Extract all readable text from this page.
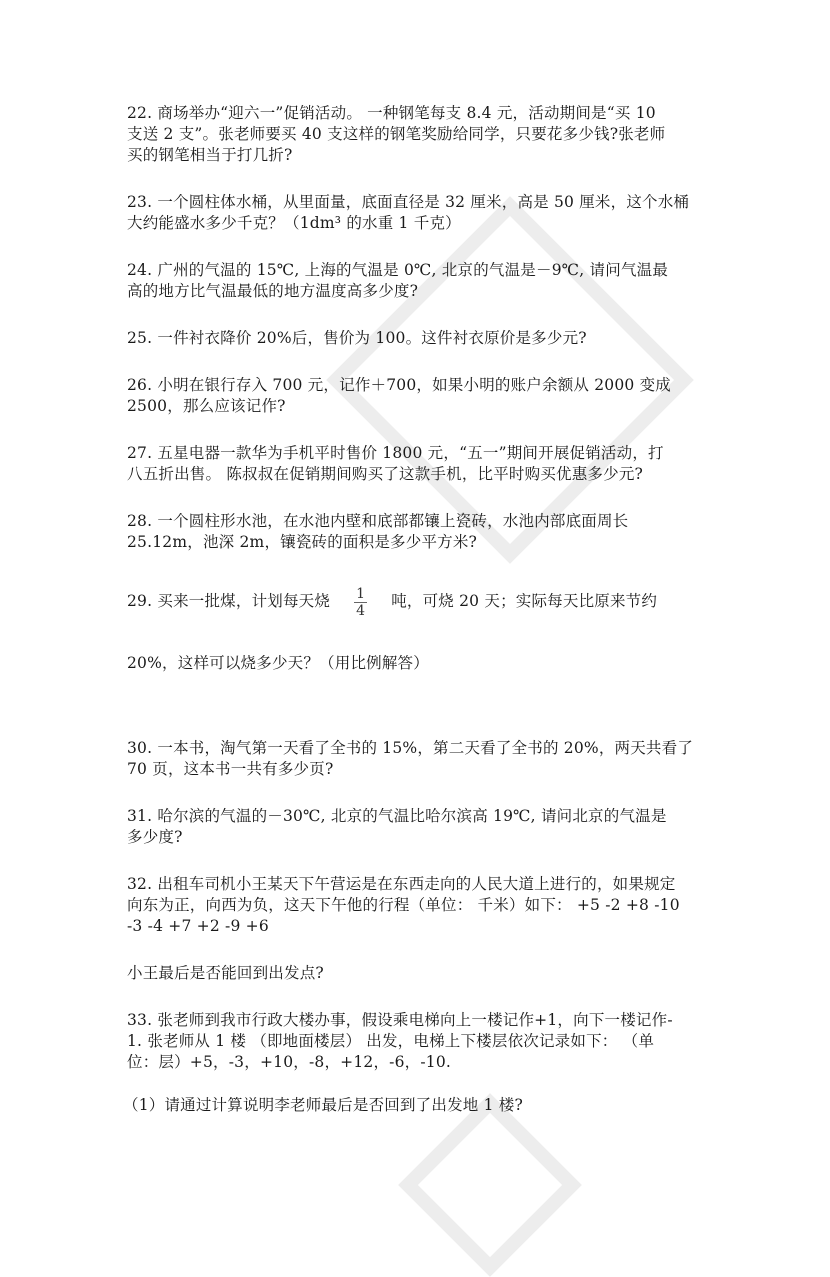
22. 商场举办“迎六一”促销活动。 一种钢笔每支 8.4 元，活动期间是“买 10
支送 2 支”。张老师要买 40 支这样的钢笔奖励给同学，只要花多少钱?张老师
买的钢笔相当于打几折?

23. 一个圆柱体水桶，从里面量，底面直径是 32 厘米，高是 50 厘米，这个水桶
大约能盛水多少千克？（1dm³ 的水重 1 千克）

24. 广州的气温的 15℃, 上海的气温是 0℃, 北京的气温是－9℃, 请问气温最
高的地方比气温最低的地方温度高多少度?

25. 一件衬衣降价 20%后，售价为 100。这件衬衣原价是多少元?

26. 小明在银行存入 700 元，记作＋700，如果小明的账户余额从 2000 变成
2500，那么应该记作?

27. 五星电器一款华为手机平时售价 1800 元，“五一”期间开展促销活动，打
八五折出售。 陈叔叔在促销期间购买了这款手机，比平时购买优惠多少元?

28. 一个圆柱形水池，在水池内壁和底部都镶上瓷砖，水池内部底面周长
25.12m，池深 2m，镶瓷砖的面积是多少平方米?

29. 买来一批煤，计划每天烧 $\frac{1}{4}$ 吨，可烧 20 天；实际每天比原来节约

20%，这样可以烧多少天？（用比例解答）

30. 一本书，淘气第一天看了全书的 15%，第二天看了全书的 20%，两天共看了
70 页，这本书一共有多少页?

31. 哈尔滨的气温的－30℃, 北京的气温比哈尔滨高 19℃, 请问北京的气温是
多少度?

32. 出租车司机小王某天下午营运是在东西走向的人民大道上进行的，如果规定
向东为正，向西为负，这天下午他的行程（单位： 千米）如下： +5 -2 +8 -10
-3 -4 +7 +2 -9 +6

小王最后是否能回到出发点?

33. 张老师到我市行政大楼办事，假设乘电梯向上一楼记作+1，向下一楼记作-
1. 张老师从 1 楼 （即地面楼层） 出发，电梯上下楼层依次记录如下： （单
位：层）+5，-3，+10，-8，+12，-6，-10.

（1）请通过计算说明李老师最后是否回到了出发地 1 楼?
